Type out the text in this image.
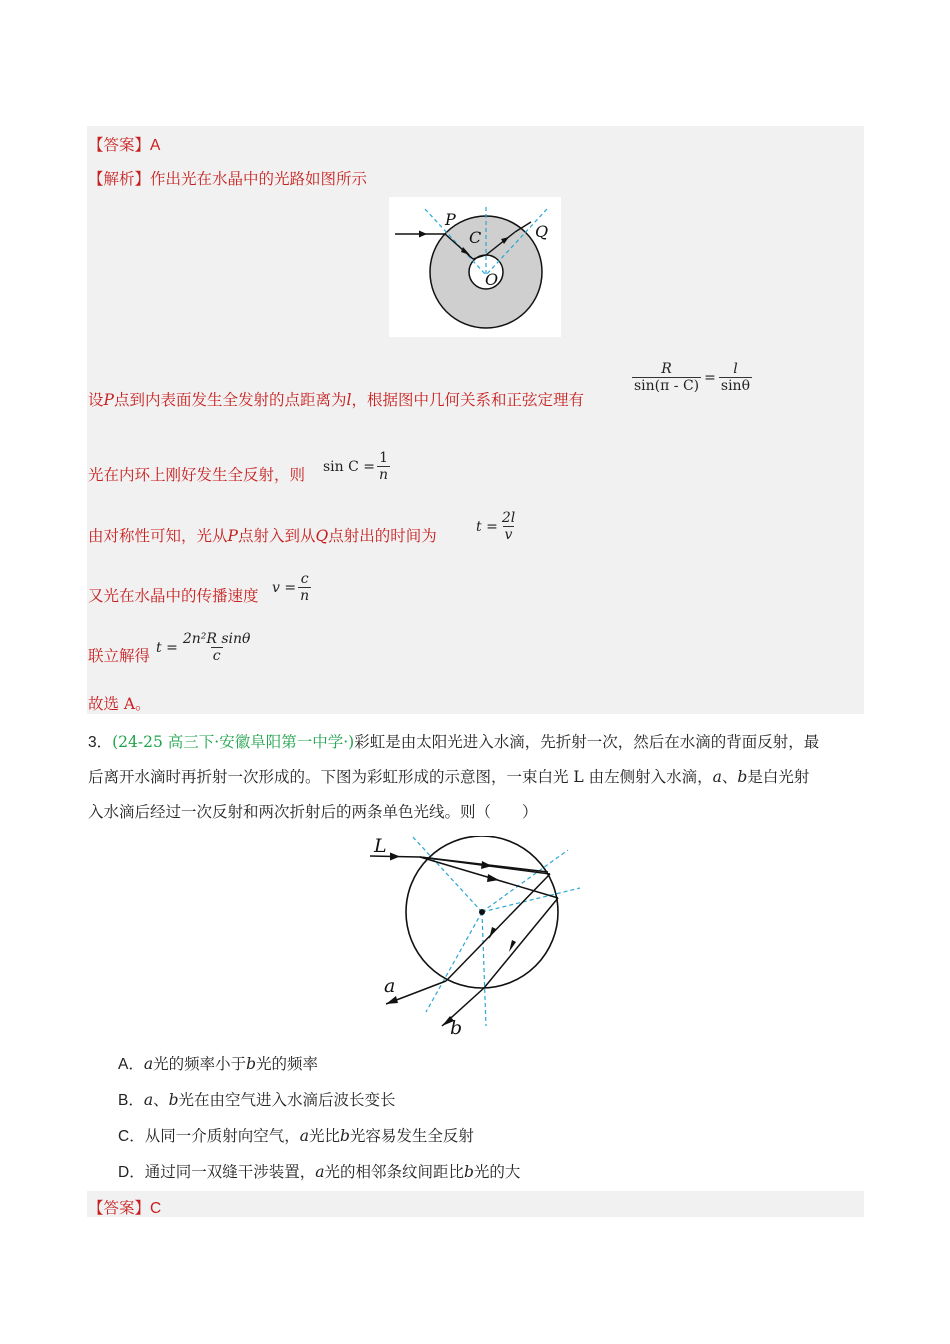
【答案】A
【解析】作出光在水晶中的光路如图所示
P
C	Q
O
设P点到内表面发生全发射的点距离为l，根据图中几何关系和正弦定理有
$\frac{R}{\sin(\pi - C)} = \frac{l}{\sin\theta}$
光在内环上刚好发生全反射，则 $\sin C = \frac{1}{n}$
由对称性可知，光从P点射入到从Q点射出的时间为
$t = \frac{2l}{v}$
又光在水晶中的传播速度 $v = \frac{c}{n}$
联立解得 $t = \frac{\text{2n²R sinθ}}{c}$
故选 A。
3．(24-25 高三下·安徽阜阳第一中学·)彩虹是由太阳光进入水滴，先折射一次，然后在水滴的背面反射，最
后离开水滴时再折射一次形成的。下图为彩虹形成的示意图，一束白光 L 由左侧射入水滴，a、b是白光射
入水滴后经过一次反射和两次折射后的两条单色光线。则（　　）
L
a
b
A．a光的频率小于b光的频率
B．a、b光在由空气进入水滴后波长变长
C．从同一介质射向空气，a光比b光容易发生全反射
D．通过同一双缝干涉装置，a光的相邻条纹间距比b光的大
【答案】C
